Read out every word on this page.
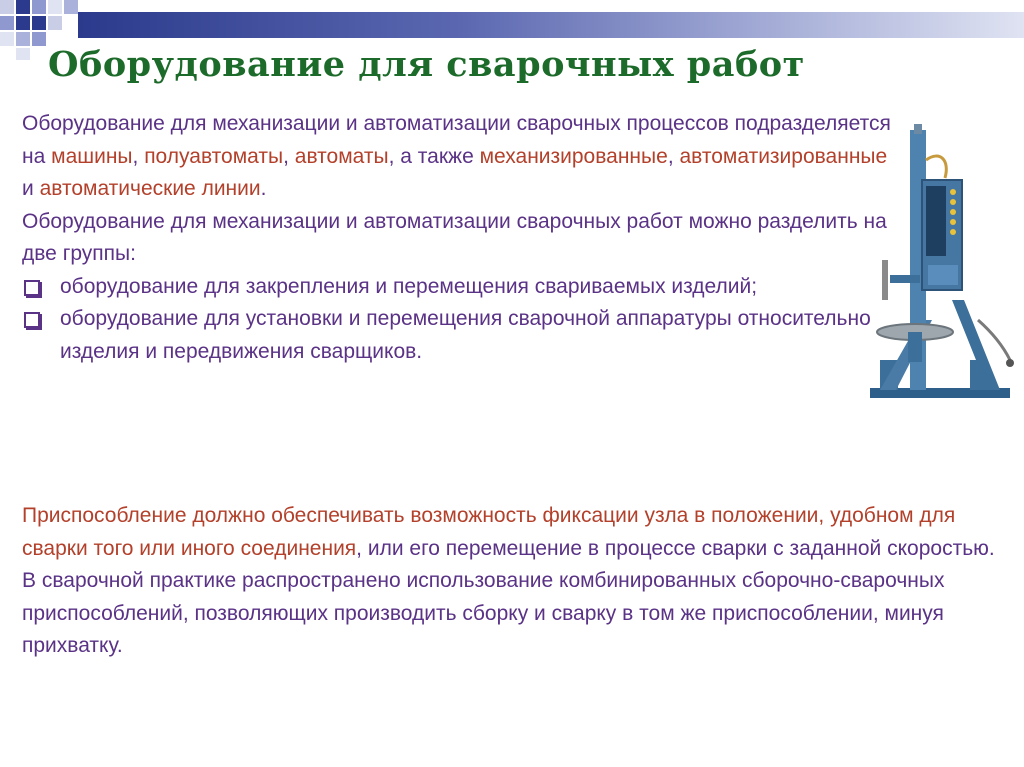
Оборудование для сварочных работ

Оборудование для механизации и автоматизации сварочных процессов подразделяется на машины, полуавтоматы, автоматы, а также механизированные, автоматизированные и автоматические линии.

Оборудование для механизации и автоматизации сварочных работ можно разделить на две группы:

оборудование для закрепления и перемещения свариваемых изделий;
оборудование для установки и перемещения сварочной аппаратуры относительно изделия и передвижения сварщиков.

Приспособление должно обеспечивать возможность фиксации узла в положении, удобном для сварки того или иного соединения, или его перемещение в процессе сварки с заданной скоростью. В сварочной практике распространено использование комбинированных сборочно-сварочных приспособлений, позволяющих производить сборку и сварку в том же приспособлении, минуя прихватку.
